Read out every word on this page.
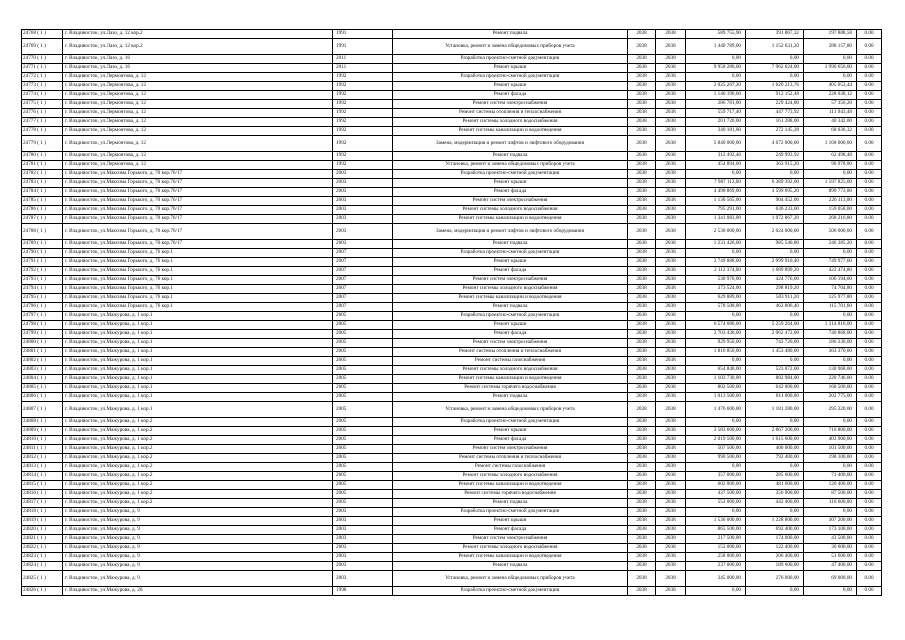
24768 ( 1 )	г. Владивосток, ул.Лазо, д. 12 кор.2	1991	Ремонт подвала	2038	2038	589 755,90	391 867,32	197 888,58	0.00
24769 ( 1 )	г. Владивосток, ул.Лазо, д. 12 кор.2	1991	Установка, ремонт и замена общедомовых приборов учета	2038	2038	1 440 789,00	1 152 631,20	288 157,80	0.00
24770 ( 1 )	г. Владивосток, ул.Лазо, д. 16	2011	Разработка проектно-сметной документации	2038	2038	0,00	0,00	0,00	0.00
24771 ( 1 )	г. Владивосток, ул.Лазо, д. 16	2011	Ремонт крыши	2038	2038	9 958 280,00	7 962 624,00	1 990 656,00	0.00
24772 ( 1 )	г. Владивосток, ул.Лермонтова, д. 12	1992	Разработка проектно-сметной документации	2038	2038	0,00	0,00	0,00	0.00
24773 ( 1 )	г. Владивосток, ул.Лермонтова, д. 12	1992	Ремонт крыши	2038	2038	2 025 267,20	1 620 213,76	405 053,44	0.00
24774 ( 1 )	г. Владивосток, ул.Лермонтова, д. 12	1992	Ремонт фасада	2038	2038	1 140 190,60	912 152,48	228 038,12	0.00
24775 ( 1 )	г. Владивосток, ул.Лермонтова, д. 12	1992	Ремонт систем электроснабжения	2038	2038	286 781,00	229 424,80	57 356,20	0.00
24776 ( 1 )	г. Владивосток, ул.Лермонтова, д. 12	1992	Ремонт системы отопления и теплоснабжения	2038	2038	559 717,40	447 773,92	111 943,48	0.00
24777 ( 1 )	г. Владивосток, ул.Лермонтова, д. 12	1992	Ремонт системы холодного водоснабжения	2038	2038	201 720,00	161 288,00	40 342,00	0.00
24778 ( 1 )	г. Владивосток, ул.Лермонтова, д. 12	1992	Ремонт системы канализации и водоотведения	2038	2038	340 181,60	272 145,28	68 036,32	0.00
24779 ( 1 )	г. Владивосток, ул.Лермонтова, д. 12	1992	Замена, модернизация и ремонт лифтов и лифтового оборудования	2038	2038	5 840 000,00	4 672 000,00	1 168 000,00	0.00
24780 ( 1 )	г. Владивосток, ул.Лермонтова, д. 12	1992	Ремонт подвала	2038	2038	312 492,40	249 993,92	62 498,48	0.00
24781 ( 1 )	г. Владивосток, ул.Лермонтова, д. 12	1992	Установка, ремонт и замена общедомовых приборов учета	2038	2038	454 894,00	363 915,20	90 978,80	0.00
24782 ( 1 )	г. Владивосток, ул.Максима Горького, д. 70 кор.76/17	2003	Разработка проектно-сметной документации	2038	2038	0,00	0,00	0,00	0.00
24783 ( 1 )	г. Владивосток, ул.Максима Горького, д. 70 кор.76/17	2003	Ремонт крыши	2038	2038	7 987 112,00	6 389 392,00	1 597 825,00	0.00
24784 ( 1 )	г. Владивосток, ул.Максима Горького, д. 70 кор.76/17	2003	Ремонт фасада	2038	2038	4 498 869,00	3 599 095,20	899 773,80	0.00
24785 ( 1 )	г. Владивосток, ул.Максима Горького, д. 70 кор.76/17	2003	Ремонт систем электроснабжения	2038	2038	1 130 565,00	904 452,00	226 113,00	0.00
24786 ( 1 )	г. Владивосток, ул.Максима Горького, д. 70 кор.76/17	2003	Ремонт системы холодного водоснабжения	2038	2038	795 291,00	636 233,00	159 058,00	0.00
24787 ( 1 )	г. Владивосток, ул.Максима Горького, д. 70 кор.76/17	2003	Ремонт системы канализации и водоотведения	2038	2038	1 341 083,00	1 072 867,20	268 216,80	0.00
24788 ( 1 )	г. Владивосток, ул.Максима Горького, д. 70 кор.76/17	2003	Замена, модернизация и ремонт лифтов и лифтового оборудования	2038	2038	2 530 000,00	2 024 000,00	506 000,00	0.00
24789 ( 1 )	г. Владивосток, ул.Максима Горького, д. 70 кор.76/17	2003	Ремонт подвала	2038	2038	1 231 426,00	985 540,80	246 385,20	0.00
24790 ( 1 )	г. Владивосток, ул.Максима Горького, д. 76 кор.1	2007	Разработка проектно-сметной документации	2038	2038	0,00	0,00	0,00	0.00
24791 ( 1 )	г. Владивосток, ул.Максима Горького, д. 76 кор.1	2007	Ремонт крыши	2038	2038	3 749 888,00	2 999 910,40	749 977,60	0.00
24792 ( 1 )	г. Владивосток, ул.Максима Горького, д. 76 кор.1	2007	Ремонт фасада	2038	2038	2 112 374,00	1 689 899,20	422 474,80	0.00
24793 ( 1 )	г. Владивосток, ул.Максима Горького, д. 76 кор.1	2007	Ремонт систем электроснабжения	2038	2038	530 970,00	424 776,00	106 194,00	0.00
24794 ( 1 )	г. Владивосток, ул.Максима Горького, д. 76 кор.1	2007	Ремонт системы холодного водоснабжения	2038	2038	373 524,00	298 819,20	74 704,80	0.00
24795 ( 1 )	г. Владивосток, ул.Максима Горького, д. 76 кор.1	2007	Ремонт системы канализации и водоотведения	2038	2038	629 889,00	503 911,20	125 977,80	0.00
24796 ( 1 )	г. Владивосток, ул.Максима Горького, д. 76 кор.1	2007	Ремонт подвала	2038	2038	578 508,00	462 806,40	115 701,60	0.00
24797 ( 1 )	г. Владивосток, ул.Мажурова, д. 1 кор.1	2005	Разработка проектно-сметной документации	2038	2038	0,00	0,00	0,00	0.00
24798 ( 1 )	г. Владивосток, ул.Мажурова, д. 1 кор.1	2005	Ремонт крыши	2038	2038	6 574 080,00	5 259 264,00	1 314 816,00	0.00
24799 ( 1 )	г. Владивосток, ул.Мажурова, д. 1 кор.1	2005	Ремонт фасада	2038	2038	3 703 430,00	2 962 472,00	740 868,00	0.00
24800 ( 1 )	г. Владивосток, ул.Мажурова, д. 1 кор.1	2005	Ремонт систем электроснабжения	2038	2038	929 950,00	743 720,00	186 230,00	0.00
24801 ( 1 )	г. Владивосток, ул.Мажурова, д. 1 кор.1	2005	Ремонт системы отопления и теплоснабжения	2038	2038	1 816 850,00	1 453 480,00	363 370,00	0.00
24802 ( 1 )	г. Владивосток, ул.Мажурова, д. 1 кор.1	2005	Ремонт системы газоснабжения	2038	2038	0,00	0,00	0,00	0.00
24803 ( 1 )	г. Владивосток, ул.Мажурова, д. 1 кор.1	2005	Ремонт системы холодного водоснабжения	2038	2038	654 840,00	523 872,00	130 968,00	0.00
24804 ( 1 )	г. Владивосток, ул.Мажурова, д. 1 кор.1	2005	Ремонт системы канализации и водоотведения	2038	2038	1 103 730,00	882 984,00	220 746,00	0.00
24805 ( 1 )	г. Владивосток, ул.Мажурова, д. 1 кор.1	2005	Ремонт системы горячего водоснабжения	2038	2038	802 500,00	642 000,00	160 500,00	0.00
24806 ( 1 )	г. Владивосток, ул.Мажурова, д. 1 кор.1	2005	Ремонт подвала	2038	2038	1 013 500,00	811 000,00	202 775,00	0.00
24807 ( 1 )	г. Владивосток, ул.Мажурова, д. 1 кор.1	2005	Установка, ремонт и замена общедомовых приборов учета	2038	2038	1 476 600,00	1 181 280,00	295 320,00	0.00
24808 ( 1 )	г. Владивосток, ул.Мажурова, д. 1 кор.2	2005	Разработка проектно-сметной документации	2038	2038	0,00	0,00	0,00	0.00
24809 ( 1 )	г. Владивосток, ул.Мажурова, д. 1 кор.2	2005	Ремонт крыши	2038	2038	3 583 600,00	2 867 200,00	716 800,00	0.00
24810 ( 1 )	г. Владивосток, ул.Мажурова, д. 1 кор.2	2005	Ремонт фасада	2038	2038	2 019 500,00	1 615 600,00	403 900,00	0.00
24811 ( 1 )	г. Владивосток, ул.Мажурова, д. 1 кор.2	2005	Ремонт систем электроснабжения	2038	2038	507 500,00	406 000,00	101 500,00	0.00
24812 ( 1 )	г. Владивосток, ул.Мажурова, д. 1 кор.2	2005	Ремонт системы отопления и теплоснабжения	2038	2038	990 500,00	792 400,00	198 100,00	0.00
24813 ( 1 )	г. Владивосток, ул.Мажурова, д. 1 кор.2	2005	Ремонт системы газоснабжения	2038	2038	0,00	0,00	0,00	0.00
24814 ( 1 )	г. Владивосток, ул.Мажурова, д. 1 кор.2	2005	Ремонт системы холодного водоснабжения	2038	2038	357 000,00	285 600,00	71 400,00	0.00
24815 ( 1 )	г. Владивосток, ул.Мажурова, д. 1 кор.2	2005	Ремонт системы канализации и водоотведения	2038	2038	602 000,00	481 600,00	120 400,00	0.00
24816 ( 1 )	г. Владивосток, ул.Мажурова, д. 1 кор.2	2005	Ремонт системы горячего водоснабжения	2038	2038	437 500,00	350 000,00	87 500,00	0.00
24817 ( 1 )	г. Владивосток, ул.Мажурова, д. 1 кор.2	2005	Ремонт подвала	2038	2038	553 000,00	442 400,00	110 600,00	0.00
24818 ( 1 )	г. Владивосток, ул.Мажурова, д. 9	2003	Разработка проектно-сметной документации	2038	2038	0,00	0,00	0,00	0.00
24819 ( 1 )	г. Владивосток, ул.Мажурова, д. 9	2003	Ремонт крыши	2038	2038	1 536 000,00	1 228 800,00	307 200,00	0.00
24820 ( 1 )	г. Владивосток, ул.Мажурова, д. 9	2003	Ремонт фасада	2038	2038	865 500,00	692 400,00	173 100,00	0.00
24821 ( 1 )	г. Владивосток, ул.Мажурова, д. 9	2003	Ремонт систем электроснабжения	2038	2038	217 500,00	174 000,00	43 500,00	0.00
24822 ( 1 )	г. Владивосток, ул.Мажурова, д. 9	2003	Ремонт системы холодного водоснабжения	2038	2038	153 000,00	122 400,00	30 600,00	0.00
24823 ( 1 )	г. Владивосток, ул.Мажурова, д. 9	2003	Ремонт системы канализации и водоотведения	2038	2038	258 000,00	206 400,00	51 600,00	0.00
24824 ( 1 )	г. Владивосток, ул.Мажурова, д. 9	2003	Ремонт подвала	2038	2038	237 000,00	189 600,00	47 400,00	0.00
24825 ( 1 )	г. Владивосток, ул.Мажурова, д. 9	2003	Установка, ремонт и замена общедомовых приборов учета	2038	2038	345 000,00	276 000,00	69 000,00	0.00
24826 ( 1 )	г. Владивосток, ул.Мажурова, д. 20	1998	Разработка проектно-сметной документации	2038	2038	0,00	0,00	0,00	0.00
